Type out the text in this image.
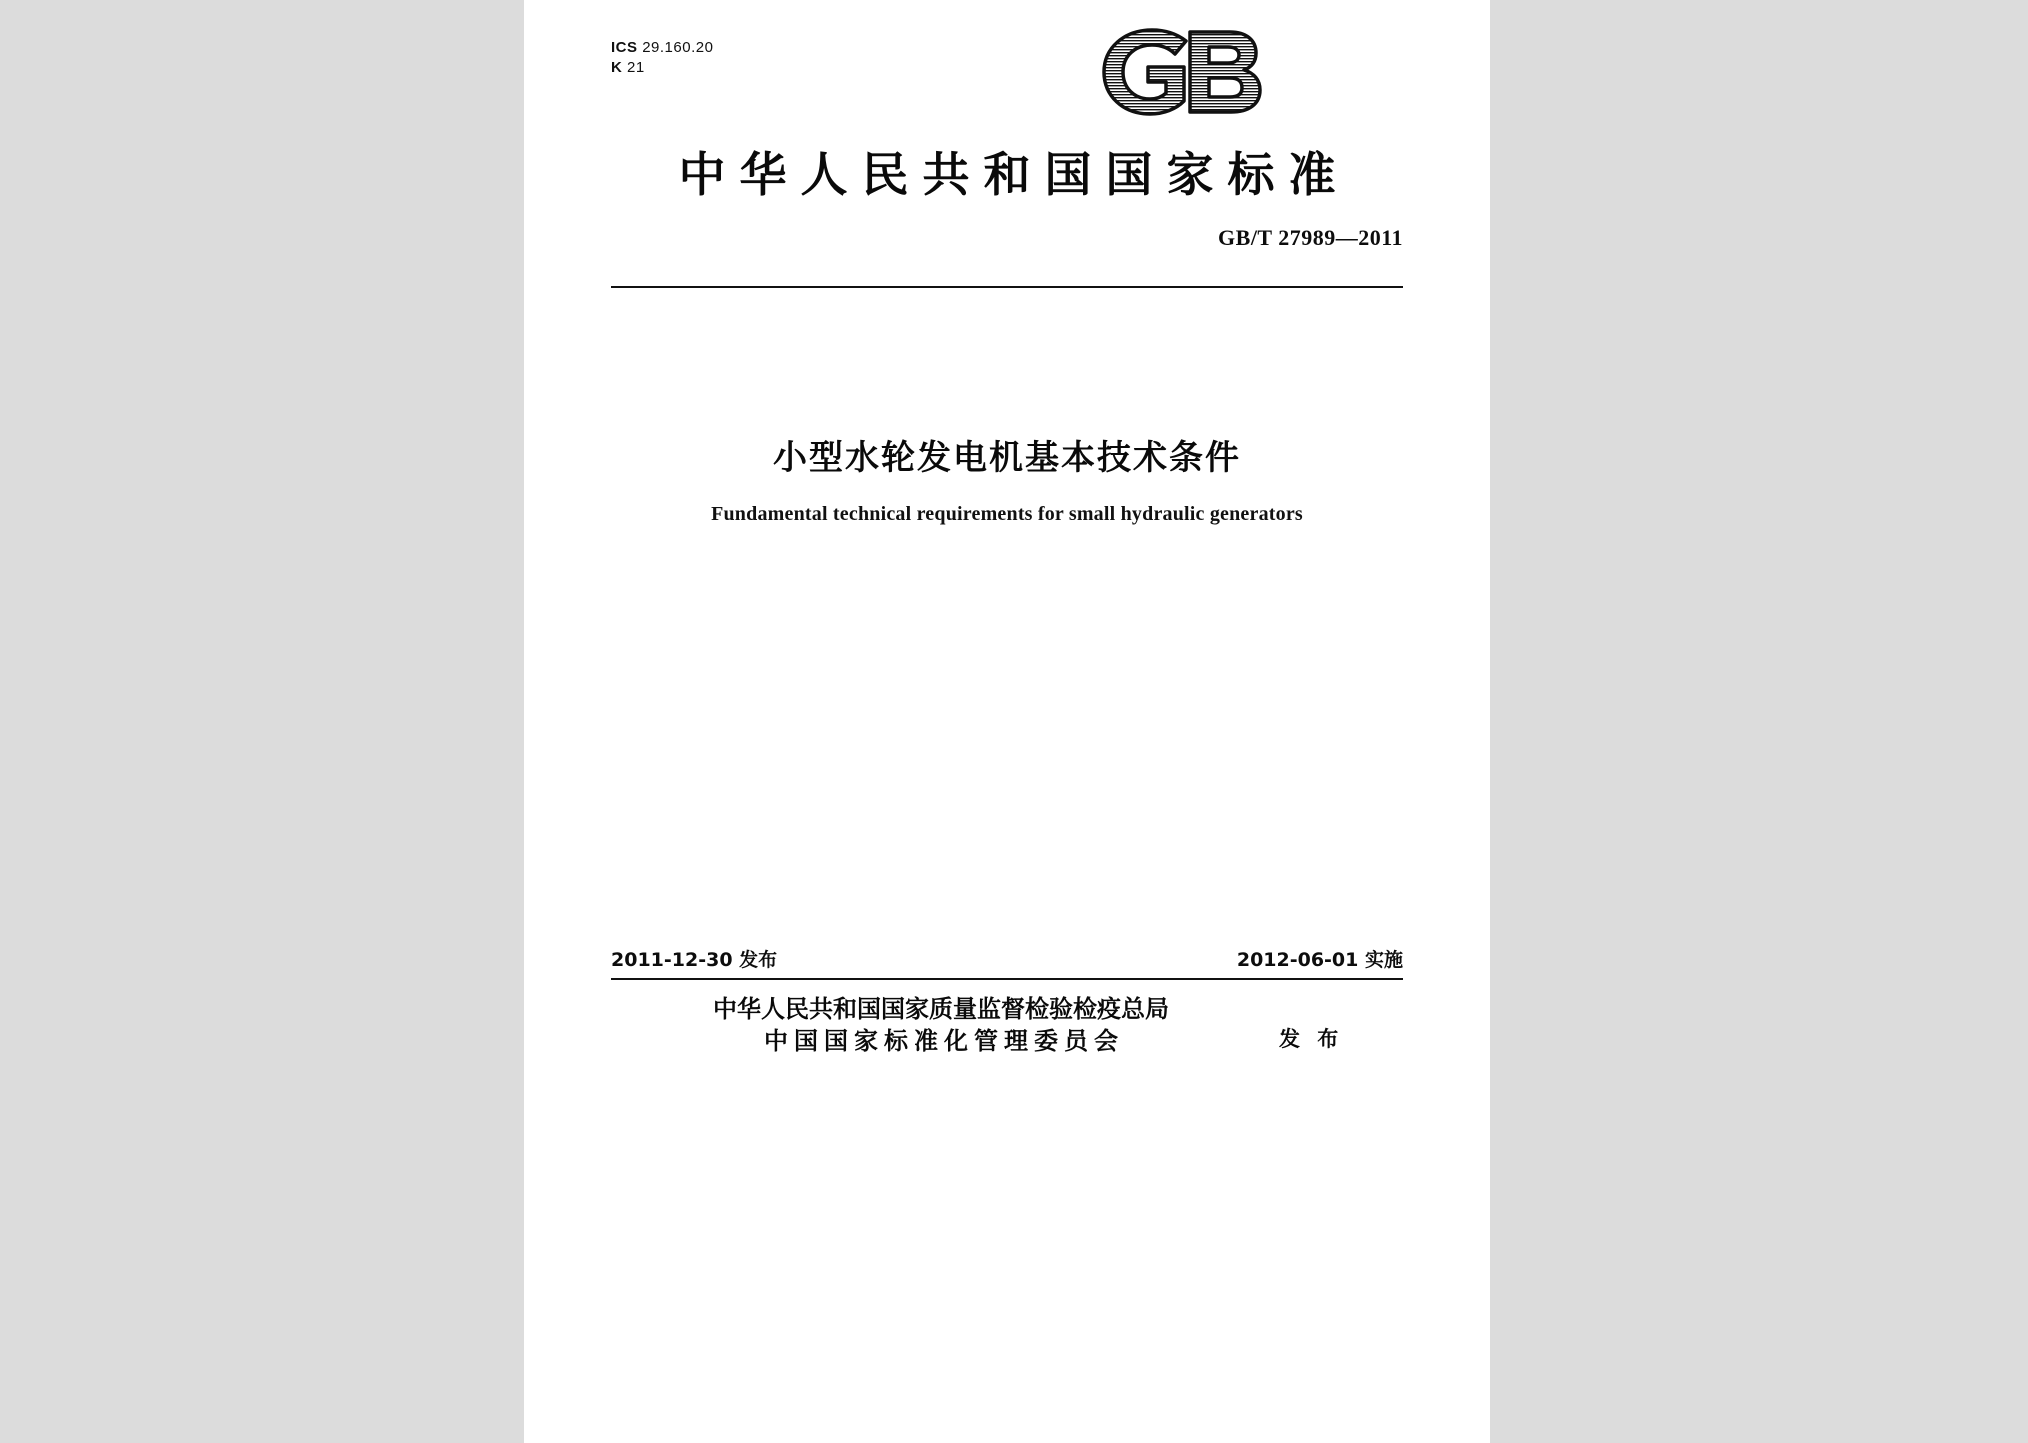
ICS 29.160.20
K 21
中华人民共和国国家标准
GB/T 27989—2011
小型水轮发电机基本技术条件
Fundamental technical requirements for small hydraulic generators
2011-12-30 发布	2012-06-01 实施
中华人民共和国国家质量监督检验检疫总局
中国国家标准化管理委员会	发 布
